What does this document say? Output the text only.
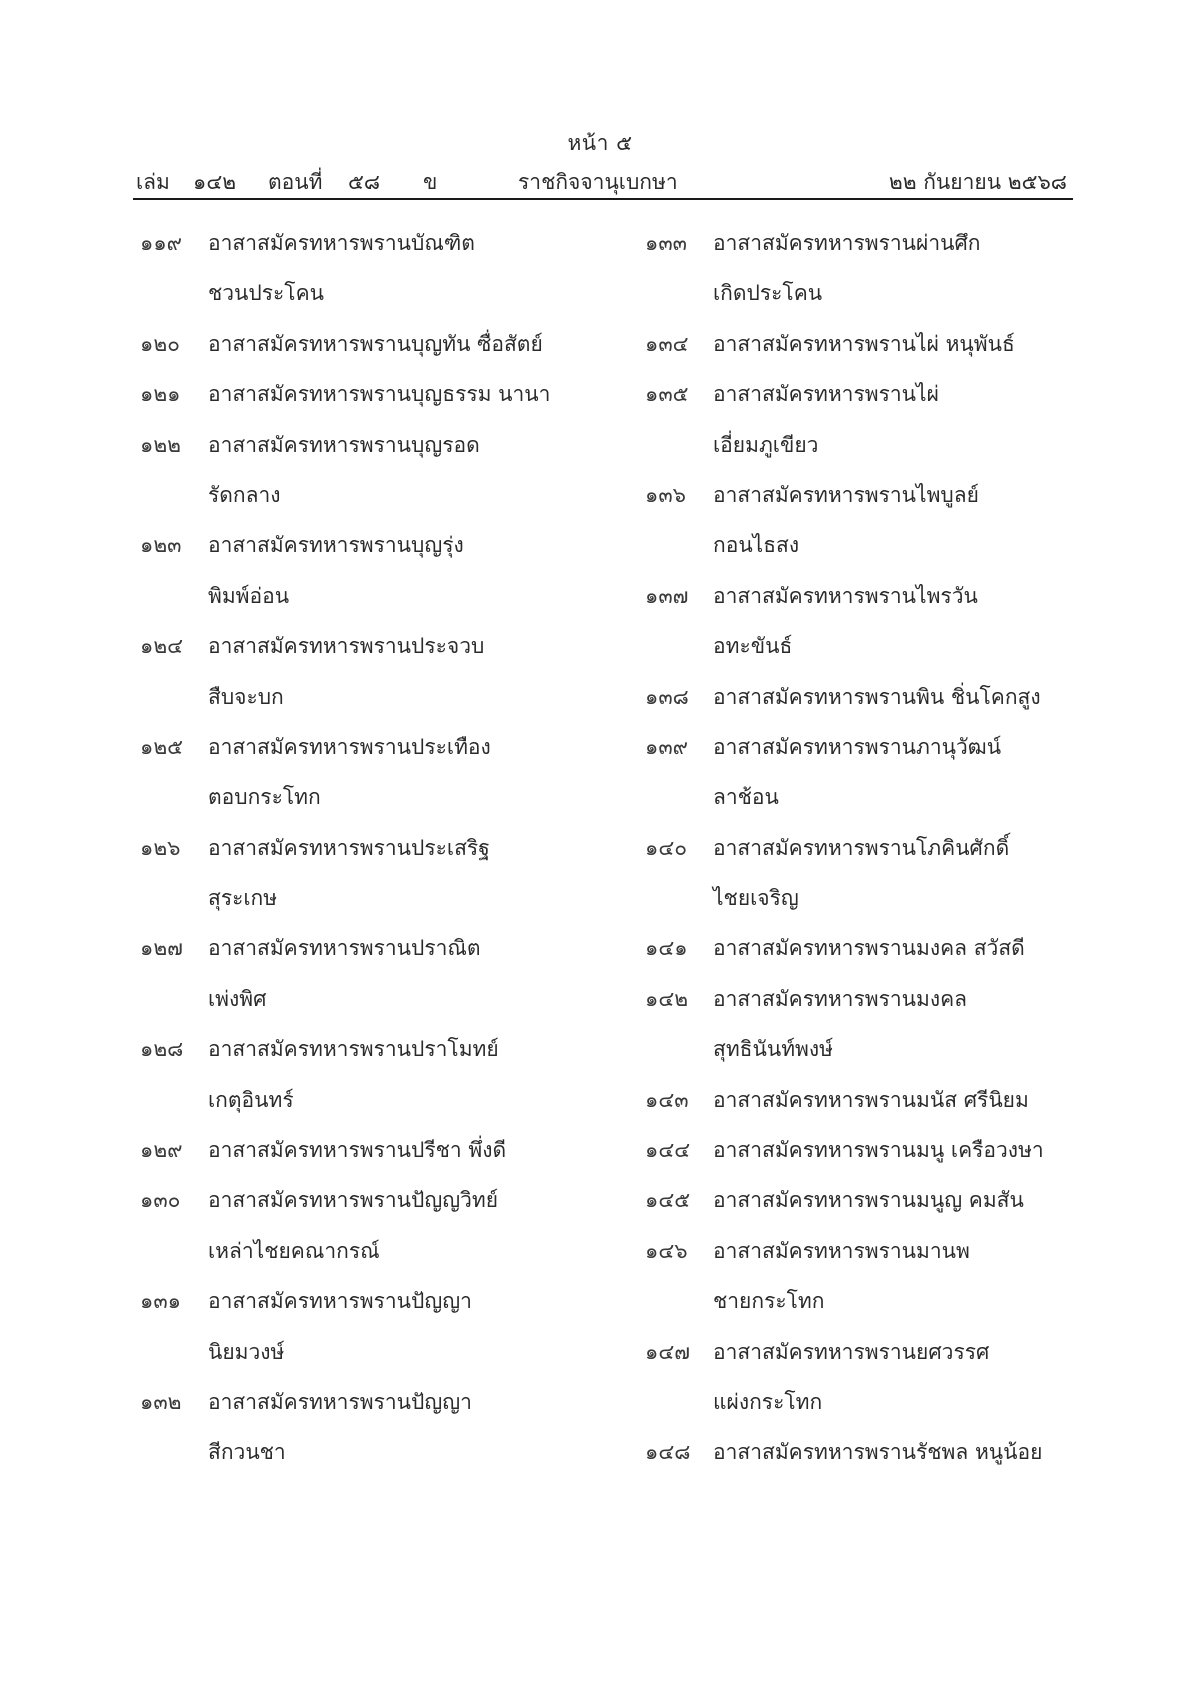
หน้า ๕
เล่ม ๑๔๒ ตอนที่ ๕๘ ข	ราชกิจจานุเบกษา	๒๒ กันยายน ๒๕๖๘
๑๑๙	อาสาสมัครทหารพรานบัณฑิต
ชวนประโคน
๑๒๐	อาสาสมัครทหารพรานบุญทัน ซื่อสัตย์
๑๒๑	อาสาสมัครทหารพรานบุญธรรม นานา
๑๒๒	อาสาสมัครทหารพรานบุญรอด
รัดกลาง
๑๒๓	อาสาสมัครทหารพรานบุญรุ่ง
พิมพ์อ่อน
๑๒๔	อาสาสมัครทหารพรานประจวบ
สืบจะบก
๑๒๕	อาสาสมัครทหารพรานประเทือง
ตอบกระโทก
๑๒๖	อาสาสมัครทหารพรานประเสริฐ
สุระเกษ
๑๒๗	อาสาสมัครทหารพรานปราณิต
เพ่งพิศ
๑๒๘	อาสาสมัครทหารพรานปราโมทย์
เกตุอินทร์
๑๒๙	อาสาสมัครทหารพรานปรีชา พึ่งดี
๑๓๐	อาสาสมัครทหารพรานปัญญวิทย์
เหล่าไชยคณากรณ์
๑๓๑	อาสาสมัครทหารพรานปัญญา
นิยมวงษ์
๑๓๒	อาสาสมัครทหารพรานปัญญา
สีกวนชา
๑๓๓	อาสาสมัครทหารพรานผ่านศึก
เกิดประโคน
๑๓๔	อาสาสมัครทหารพรานไผ่ หนุพันธ์
๑๓๕	อาสาสมัครทหารพรานไผ่
เอี่ยมภูเขียว
๑๓๖	อาสาสมัครทหารพรานไพบูลย์
กอนไธสง
๑๓๗	อาสาสมัครทหารพรานไพรวัน
อทะขันธ์
๑๓๘	อาสาสมัครทหารพรานพิน ชิ่นโคกสูง
๑๓๙	อาสาสมัครทหารพรานภานุวัฒน์
ลาช้อน
๑๔๐	อาสาสมัครทหารพรานโภคินศักดิ์
ไชยเจริญ
๑๔๑	อาสาสมัครทหารพรานมงคล สวัสดี
๑๔๒	อาสาสมัครทหารพรานมงคล
สุทธินันท์พงษ์
๑๔๓	อาสาสมัครทหารพรานมนัส ศรีนิยม
๑๔๔	อาสาสมัครทหารพรานมนู เครือวงษา
๑๔๕	อาสาสมัครทหารพรานมนูญ คมสัน
๑๔๖	อาสาสมัครทหารพรานมานพ
ชายกระโทก
๑๔๗	อาสาสมัครทหารพรานยศวรรศ
แผ่งกระโทก
๑๔๘	อาสาสมัครทหารพรานรัชพล หนูน้อย
